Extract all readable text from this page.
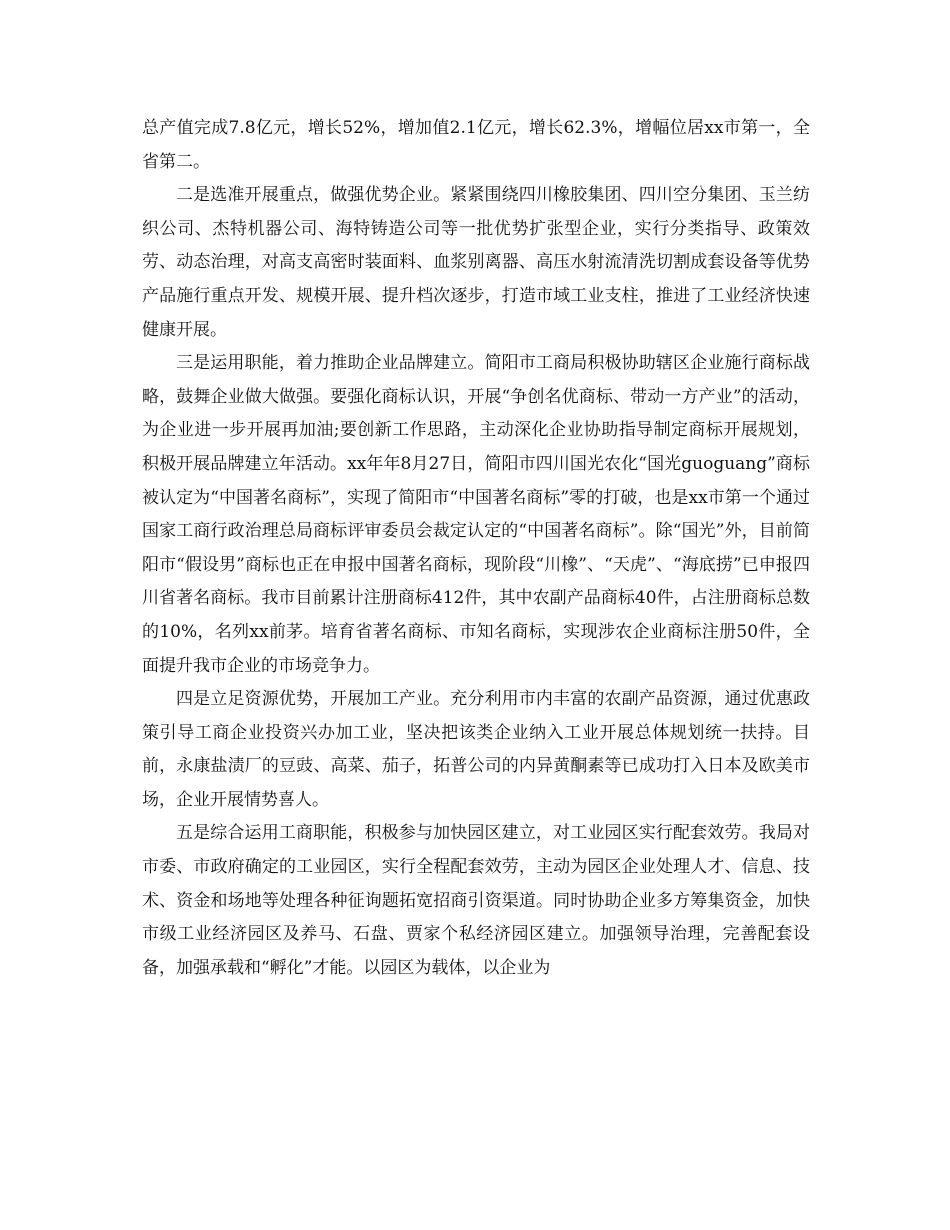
总产值完成7.8亿元，增长52%，增加值2.1亿元，增长62.3%，增幅位居xx市第一，全省第二。

二是选准开展重点，做强优势企业。紧紧围绕四川橡胶集团、四川空分集团、玉兰纺织公司、杰特机器公司、海特铸造公司等一批优势扩张型企业，实行分类指导、政策效劳、动态治理，对高支高密时装面料、血浆别离器、高压水射流清洗切割成套设备等优势产品施行重点开发、规模开展、提升档次逐步，打造市域工业支柱，推进了工业经济快速健康开展。

三是运用职能，着力推助企业品牌建立。简阳市工商局积极协助辖区企业施行商标战略，鼓舞企业做大做强。要强化商标认识，开展“争创名优商标、带动一方产业”的活动，为企业进一步开展再加油;要创新工作思路，主动深化企业协助指导制定商标开展规划，积极开展品牌建立年活动。xx年年8月27日，简阳市四川国光农化“国光guoguang”商标被认定为“中国著名商标”，实现了简阳市“中国著名商标”零的打破，也是xx市第一个通过国家工商行政治理总局商标评审委员会裁定认定的“中国著名商标”。除“国光”外，目前简阳市“假设男”商标也正在申报中国著名商标，现阶段“川橡”、“天虎”、“海底捞”已申报四川省著名商标。我市目前累计注册商标412件，其中农副产品商标40件，占注册商标总数的10%，名列xx前茅。培育省著名商标、市知名商标，实现涉农企业商标注册50件，全面提升我市企业的市场竞争力。

四是立足资源优势，开展加工产业。充分利用市内丰富的农副产品资源，通过优惠政策引导工商企业投资兴办加工业，坚决把该类企业纳入工业开展总体规划统一扶持。目前，永康盐渍厂的豆豉、高菜、茄子，拓普公司的内异黄酮素等已成功打入日本及欧美市场，企业开展情势喜人。

五是综合运用工商职能，积极参与加快园区建立，对工业园区实行配套效劳。我局对市委、市政府确定的工业园区，实行全程配套效劳，主动为园区企业处理人才、信息、技术、资金和场地等处理各种征询题拓宽招商引资渠道。同时协助企业多方筹集资金，加快市级工业经济园区及养马、石盘、贾家个私经济园区建立。加强领导治理，完善配套设备，加强承载和“孵化”才能。以园区为载体，以企业为
